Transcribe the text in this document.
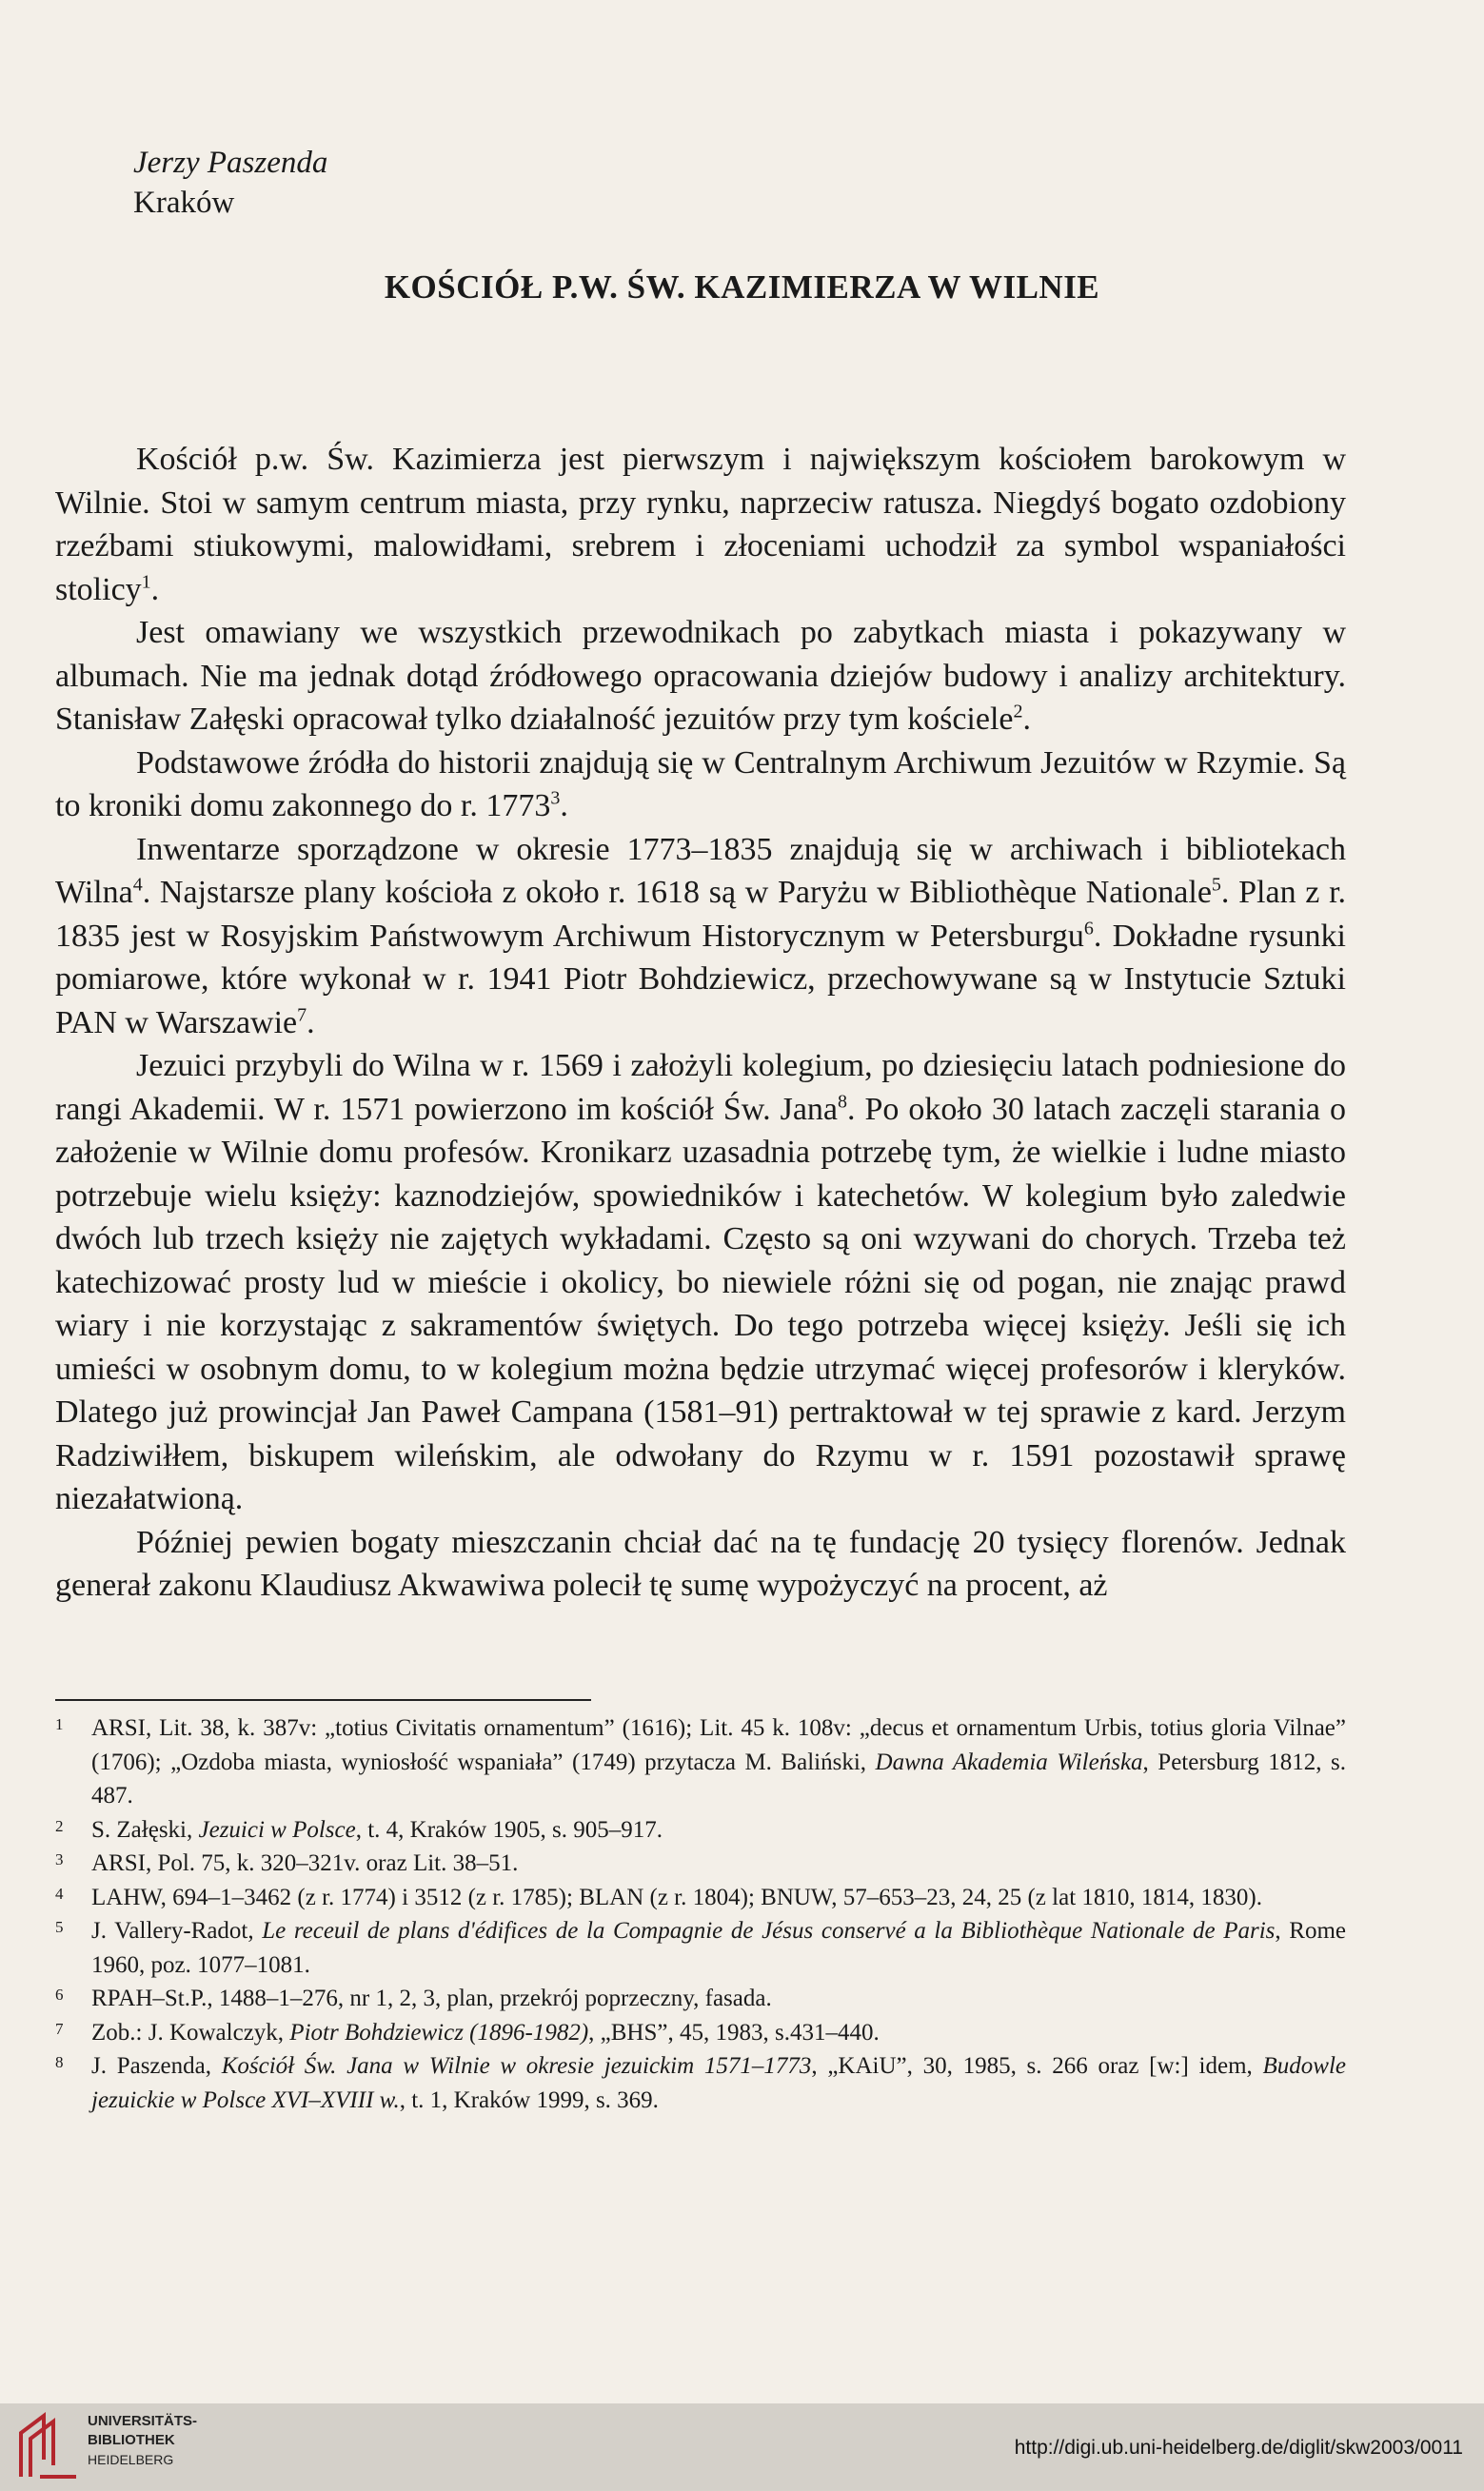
Jerzy Paszenda
Kraków
KOŚCIÓŁ P.W. ŚW. KAZIMIERZA W WILNIE

Kościół p.w. Św. Kazimierza jest pierwszym i największym kościołem barokowym w Wilnie. Stoi w samym centrum miasta, przy rynku, naprzeciw ratusza. Niegdyś bogato ozdobiony rzeźbami stiukowymi, malowidłami, srebrem i złoceniami uchodził za symbol wspaniałości stolicy$^1$.

Jest omawiany we wszystkich przewodnikach po zabytkach miasta i pokazywany w albumach. Nie ma jednak dotąd źródłowego opracowania dziejów budowy i analizy architektury. Stanisław Załęski opracował tylko działalność jezuitów przy tym kościele$^2$.

Podstawowe źródła do historii znajdują się w Centralnym Archiwum Jezuitów w Rzymie. Są to kroniki domu zakonnego do r. 1773$^3$.

Inwentarze sporządzone w okresie 1773–1835 znajdują się w archiwach i bibliotekach Wilna$^4$. Najstarsze plany kościoła z około r. 1618 są w Paryżu w Bibliothèque Nationale$^5$. Plan z r. 1835 jest w Rosyjskim Państwowym Archiwum Historycznym w Petersburgu$^6$. Dokładne rysunki pomiarowe, które wykonał w r. 1941 Piotr Bohdziewicz, przechowywane są w Instytucie Sztuki PAN w Warszawie$^7$.

Jezuici przybyli do Wilna w r. 1569 i założyli kolegium, po dziesięciu latach podniesione do rangi Akademii. W r. 1571 powierzono im kościół Św. Jana$^8$. Po około 30 latach zaczęli starania o założenie w Wilnie domu profesów. Kronikarz uzasadnia potrzebę tym, że wielkie i ludne miasto potrzebuje wielu księży: kaznodziejów, spowiedników i katechetów. W kolegium było zaledwie dwóch lub trzech księży nie zajętych wykładami. Często są oni wzywani do chorych. Trzeba też katechizować prosty lud w mieście i okolicy, bo niewiele różni się od pogan, nie znając prawd wiary i nie korzystając z sakramentów świętych. Do tego potrzeba więcej księży. Jeśli się ich umieści w osobnym domu, to w kolegium można będzie utrzymać więcej profesorów i kleryków. Dlatego już prowincjał Jan Paweł Campana (1581–91) pertraktował w tej sprawie z kard. Jerzym Radziwiłłem, biskupem wileńskim, ale odwołany do Rzymu w r. 1591 pozostawił sprawę niezałatwioną.

Później pewien bogaty mieszczanin chciał dać na tę fundację 20 tysięcy florenów. Jednak generał zakonu Klaudiusz Akwawiwa polecił tę sumę wypożyczyć na procent, aż

1 ARSI, Lit. 38, k. 387v: „totius Civitatis ornamentum” (1616); Lit. 45 k. 108v: „decus et ornamentum Urbis, totius gloria Vilnae” (1706); „Ozdoba miasta, wyniosłość wspaniała” (1749) przytacza M. Baliński, Dawna Akademia Wileńska, Petersburg 1812, s. 487.
2 S. Załęski, Jezuici w Polsce, t. 4, Kraków 1905, s. 905–917.
3 ARSI, Pol. 75, k. 320–321v. oraz Lit. 38–51.
4 LAHW, 694–1–3462 (z r. 1774) i 3512 (z r. 1785); BLAN (z r. 1804); BNUW, 57–653–23, 24, 25 (z lat 1810, 1814, 1830).
5 J. Vallery-Radot, Le receuil de plans d'édifices de la Compagnie de Jésus conservé a la Bibliothèque Nationale de Paris, Rome 1960, poz. 1077–1081.
6 RPAH–St.P., 1488–1–276, nr 1, 2, 3, plan, przekrój poprzeczny, fasada.
7 Zob.: J. Kowalczyk, Piotr Bohdziewicz (1896-1982), „BHS”, 45, 1983, s.431–440.
8 J. Paszenda, Kościół Św. Jana w Wilnie w okresie jezuickim 1571–1773, „KAiU”, 30, 1985, s. 266 oraz [w:] idem, Budowle jezuickie w Polsce XVI–XVIII w., t. 1, Kraków 1999, s. 369.
UNIVERSITÄTS-
BIBLIOTHEK
HEIDELBERG
http://digi.ub.uni-heidelberg.de/diglit/skw2003/0011
